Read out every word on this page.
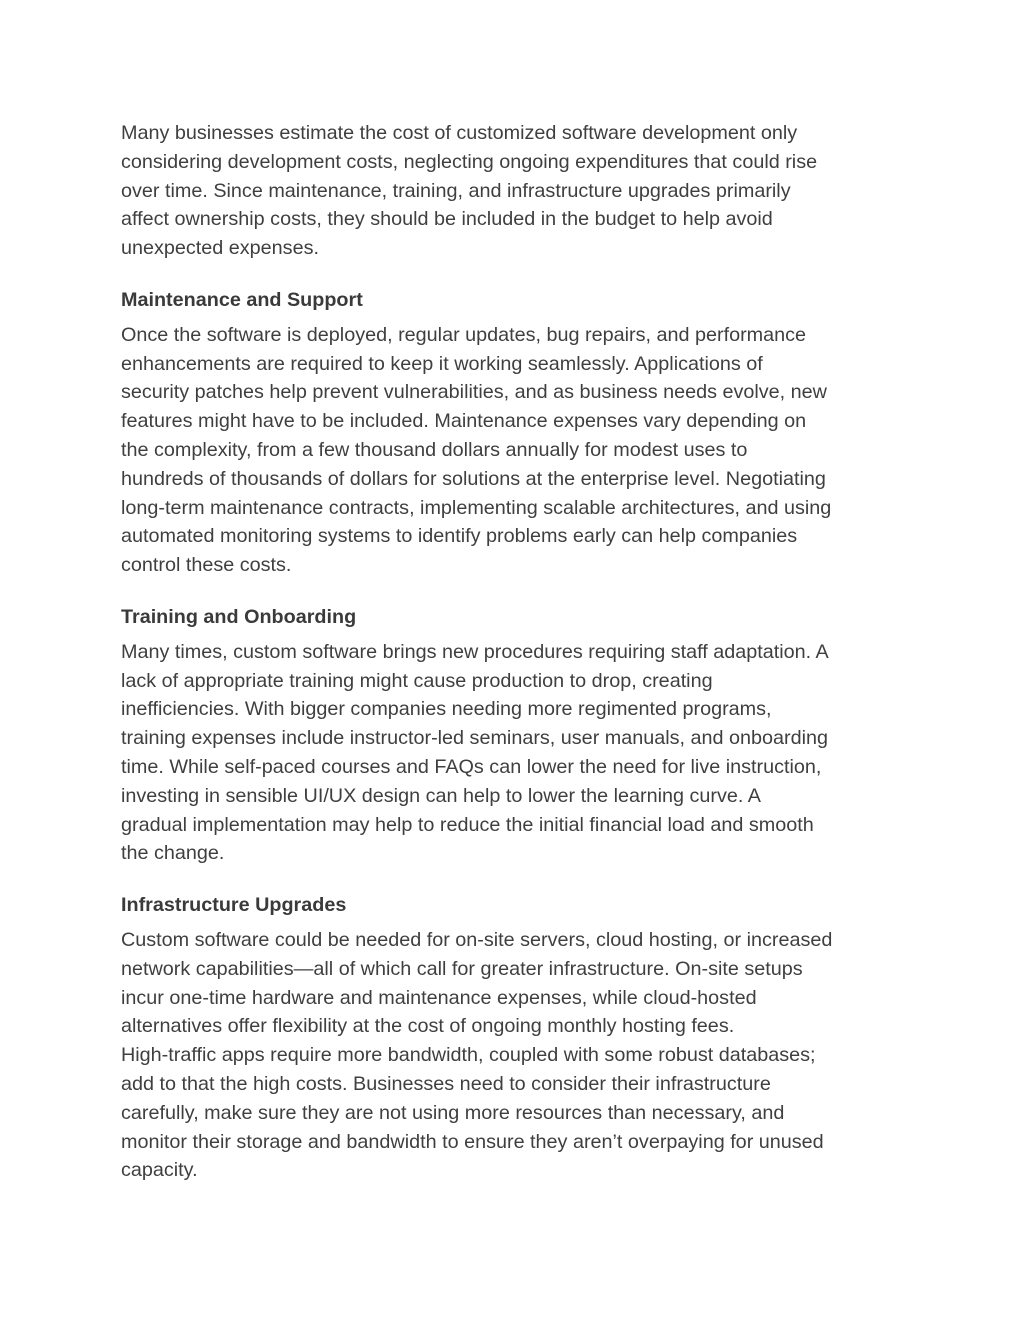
Many businesses estimate the cost of customized software development only
considering development costs, neglecting ongoing expenditures that could rise
over time. Since maintenance, training, and infrastructure upgrades primarily
affect ownership costs, they should be included in the budget to help avoid
unexpected expenses.

Maintenance and Support

Once the software is deployed, regular updates, bug repairs, and performance
enhancements are required to keep it working seamlessly. Applications of
security patches help prevent vulnerabilities, and as business needs evolve, new
features might have to be included. Maintenance expenses vary depending on
the complexity, from a few thousand dollars annually for modest uses to
hundreds of thousands of dollars for solutions at the enterprise level. Negotiating
long-term maintenance contracts, implementing scalable architectures, and using
automated monitoring systems to identify problems early can help companies
control these costs.

Training and Onboarding

Many times, custom software brings new procedures requiring staff adaptation. A
lack of appropriate training might cause production to drop, creating
inefficiencies. With bigger companies needing more regimented programs,
training expenses include instructor-led seminars, user manuals, and onboarding
time. While self-paced courses and FAQs can lower the need for live instruction,
investing in sensible UI/UX design can help to lower the learning curve. A
gradual implementation may help to reduce the initial financial load and smooth
the change.

Infrastructure Upgrades

Custom software could be needed for on-site servers, cloud hosting, or increased
network capabilities—all of which call for greater infrastructure. On-site setups
incur one-time hardware and maintenance expenses, while cloud-hosted
alternatives offer flexibility at the cost of ongoing monthly hosting fees.
High-traffic apps require more bandwidth, coupled with some robust databases;
add to that the high costs. Businesses need to consider their infrastructure
carefully, make sure they are not using more resources than necessary, and
monitor their storage and bandwidth to ensure they aren’t overpaying for unused
capacity.
